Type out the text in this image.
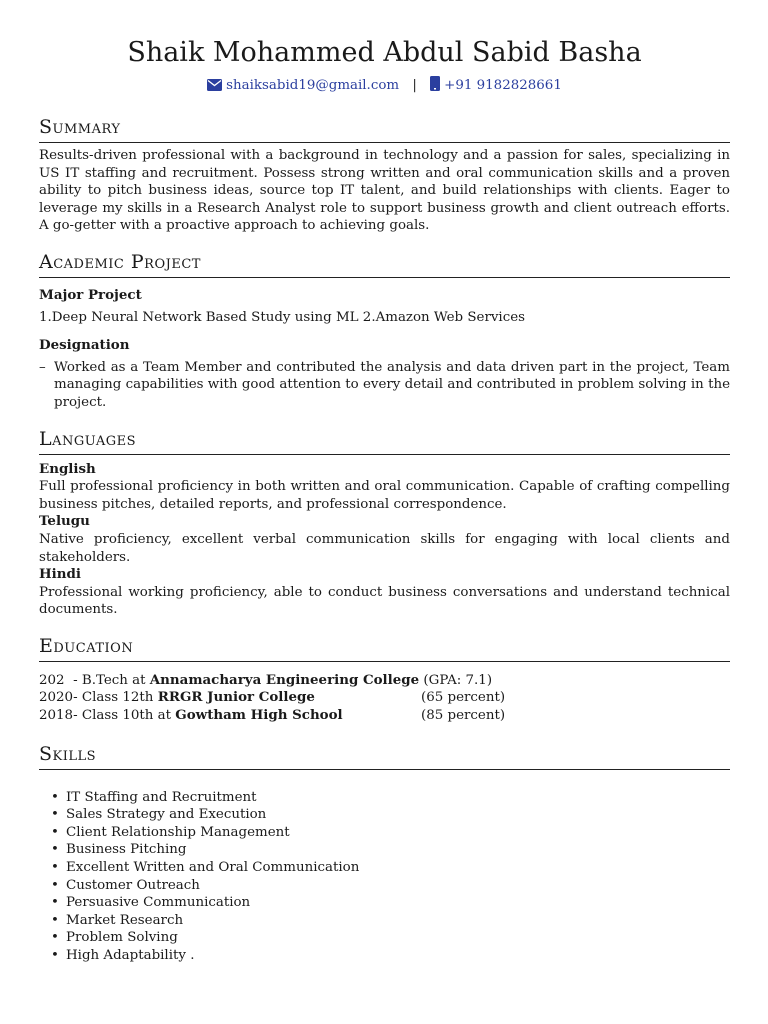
Shaik Mohammed Abdul Sabid Basha
shaiksabid19@gmail.com | +91 9182828661
Summary

Results-driven professional with a background in technology and a passion for sales, specializing in US IT staffing and recruitment. Possess strong written and oral communication skills and a proven ability to pitch business ideas, source top IT talent, and build relationships with clients. Eager to leverage my skills in a Research Analyst role to support business growth and client outreach efforts. A go-getter with a proactive approach to achieving goals.

Academic Project

Major Project

1.Deep Neural Network Based Study using ML 2.Amazon Web Services

Designation

– Worked as a Team Member and contributed the analysis and data driven part in the project, Team managing capabilities with good attention to every detail and contributed in problem solving in the project.

Languages

English

Full professional proficiency in both written and oral communication. Capable of crafting compelling business pitches, detailed reports, and professional correspondence.

Telugu

Native proficiency, excellent verbal communication skills for engaging with local clients and stakeholders.

Hindi

Professional working proficiency, able to conduct business conversations and understand technical documents.

Education
202  - B.Tech at Annamacharya Engineering College (GPA: 7.1)
2020- Class 12th RRGR Junior College	(65 percent)
2018- Class 10th at Gowtham High School	(85 percent)
Skills
• IT Staffing and Recruitment
• Sales Strategy and Execution
• Client Relationship Management
• Business Pitching
• Excellent Written and Oral Communication
• Customer Outreach
• Persuasive Communication
• Market Research
• Problem Solving
• High Adaptability .
